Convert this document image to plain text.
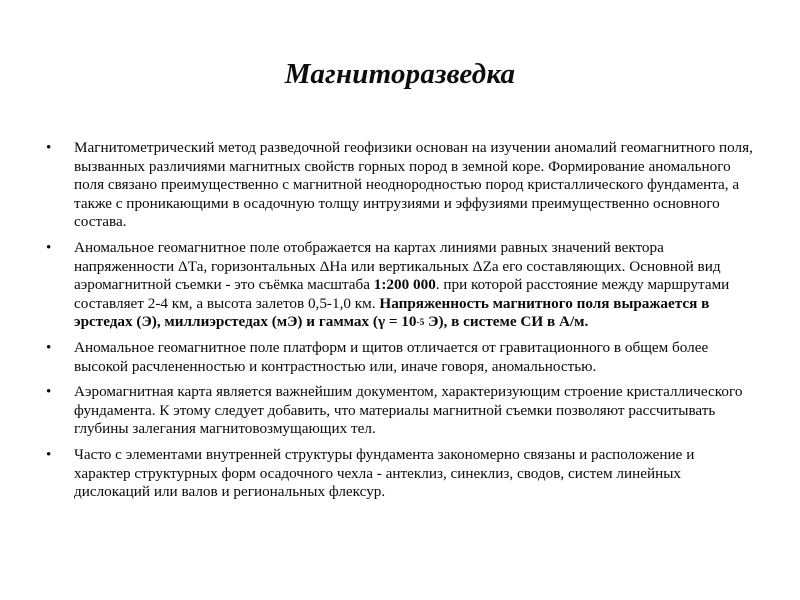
Магниторазведка
•	Магнитометрический метод разведочной геофизики основан на изучении аномалий геомагнитного поля, вызванных различиями магнитных свойств горных пород в земной коре. Формирование аномального поля связано преимущественно с магнитной неоднородностью пород кристаллического фундамента, а также с проникающими в осадочную толщу интрузиями и эффузиями преимущественно основного состава.
•	Аномальное геомагнитное поле отображается на картах линиями равных значений вектора напряженности ΔТа, горизонтальных ΔНа или вертикальных ΔZa его составляющих. Основной вид аэромагнитной съемки - это съёмка масштаба 1:200 000. при которой расстояние между маршрутами составляет 2-4 км, а высота залетов 0,5-1,0 км. Напряженность магнитного поля выражается в эрстедах (Э), миллиэрстедах (мЭ) и гаммах (γ = 10-5 Э), в системе СИ в А/м.
•	Аномальное геомагнитное поле платформ и щитов отличается от гравитационного в общем более высокой расчлененностью и контрастностью или, иначе говоря, аномальностью.
•	Аэромагнитная карта является важнейшим документом, характеризующим строение кристаллического фундамента. К этому следует добавить, что материалы магнитной съемки позволяют рассчитывать глубины залегания магнитовозмущающих тел.
•	Часто с элементами внутренней структуры фундамента закономерно связаны и расположение и характер структурных форм осадочного чехла - антеклиз, синеклиз, сводов, систем линейных дислокаций или валов и региональных флексур.
